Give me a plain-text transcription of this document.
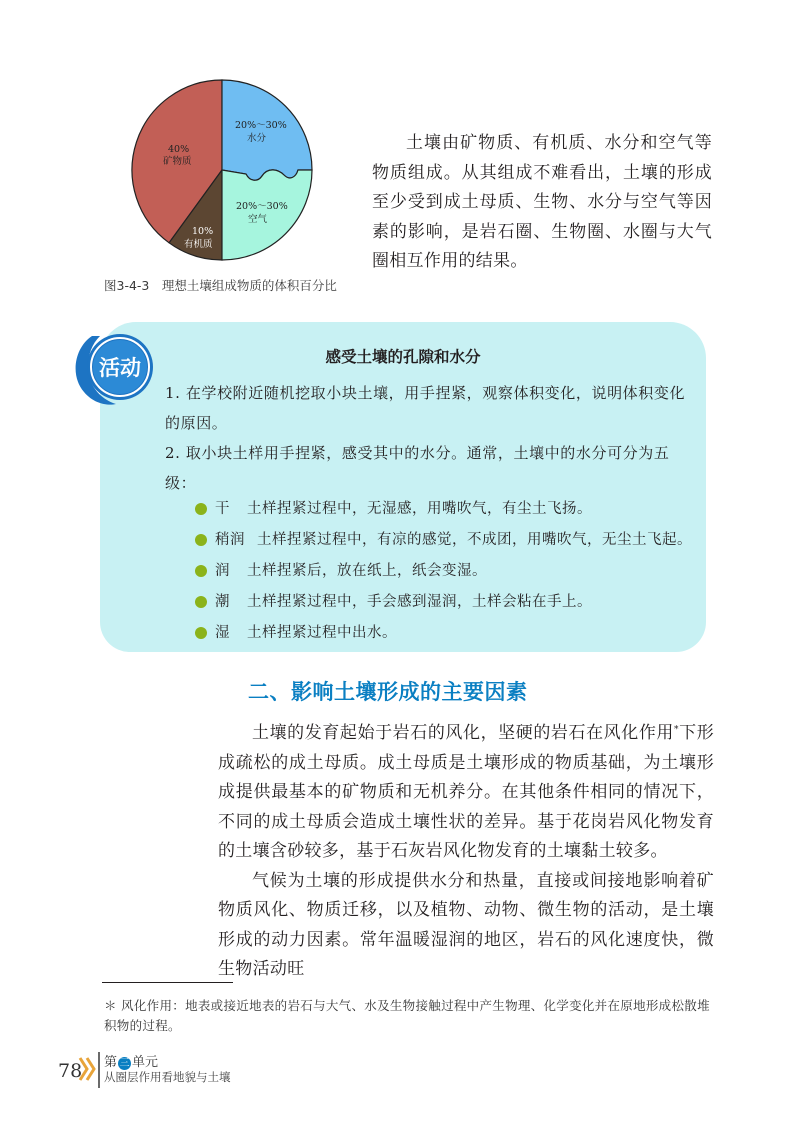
20%～30%
水分
20%～30%
空气
40%
矿物质
10%
有机质
图3-4-3　理想土壤组成物质的体积百分比

土壤由矿物质、有机质、水分和空气等物质组成。从其组成不难看出，土壤的形成至少受到成土母质、生物、水分与空气等因素的影响，是岩石圈、生物圈、水圈与大气圈相互作用的结果。

活动	感受土壤的孔隙和水分
1. 在学校附近随机挖取小块土壤，用手捏紧，观察体积变化，说明体积变化的原因。
2. 取小块土样用手捏紧，感受其中的水分。通常，土壤中的水分可分为五级：
干 土样捏紧过程中，无湿感，用嘴吹气，有尘土飞扬。
稍润 土样捏紧过程中，有凉的感觉，不成团，用嘴吹气，无尘土飞起。
润 土样捏紧后，放在纸上，纸会变湿。
潮 土样捏紧过程中，手会感到湿润，土样会粘在手上。
湿 土样捏紧过程中出水。
二、影响土壤形成的主要因素

土壤的发育起始于岩石的风化，坚硬的岩石在风化作用*下形成疏松的成土母质。成土母质是土壤形成的物质基础，为土壤形成提供最基本的矿物质和无机养分。在其他条件相同的情况下，不同的成土母质会造成土壤性状的差异。基于花岗岩风化物发育的土壤含砂较多，基于石灰岩风化物发育的土壤黏土较多。

气候为土壤的形成提供水分和热量，直接或间接地影响着矿物质风化、物质迁移，以及植物、动物、微生物的活动，是土壤形成的动力因素。常年温暖湿润的地区，岩石的风化速度快，微生物活动旺

＊ 风化作用：地表或接近地表的岩石与大气、水及生物接触过程中产生物理、化学变化并在原地形成松散堆积物的过程。
78 第 三 单元
从圈层作用看地貌与土壤
